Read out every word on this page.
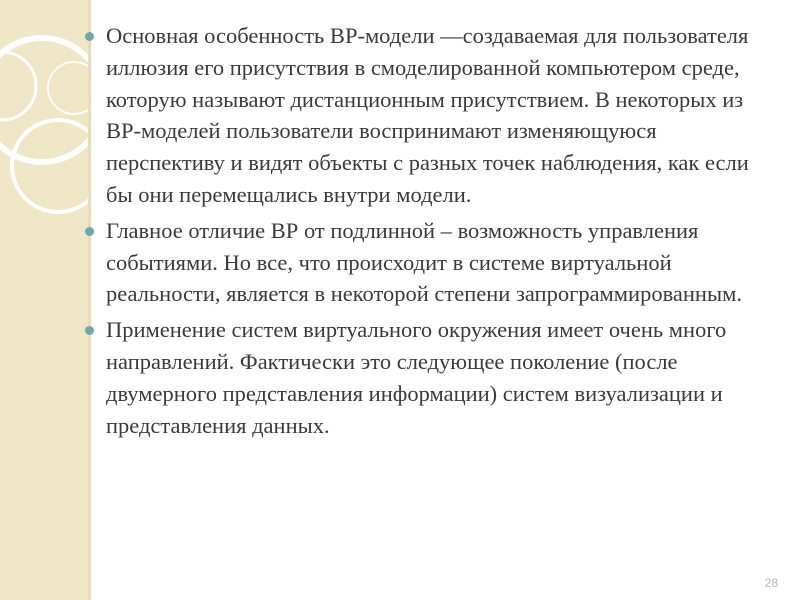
Основная особенность ВР-модели —создаваемая для пользователя иллюзия его присутствия в смоделированной компьютером среде, которую называют дистанционным присутствием. В некоторых из ВР-моделей пользователи воспринимают изменяющуюся перспективу и видят объекты с разных точек наблюдения, как если бы они перемещались внутри модели.
Главное отличие ВР от подлинной – возможность управления событиями. Но все, что происходит в системе виртуальной реальности, является в некоторой степени запрограммированным.
Применение систем виртуального окружения имеет очень много направлений. Фактически это следующее поколение (после двумерного представления информации) систем визуализации и представления данных.
28
